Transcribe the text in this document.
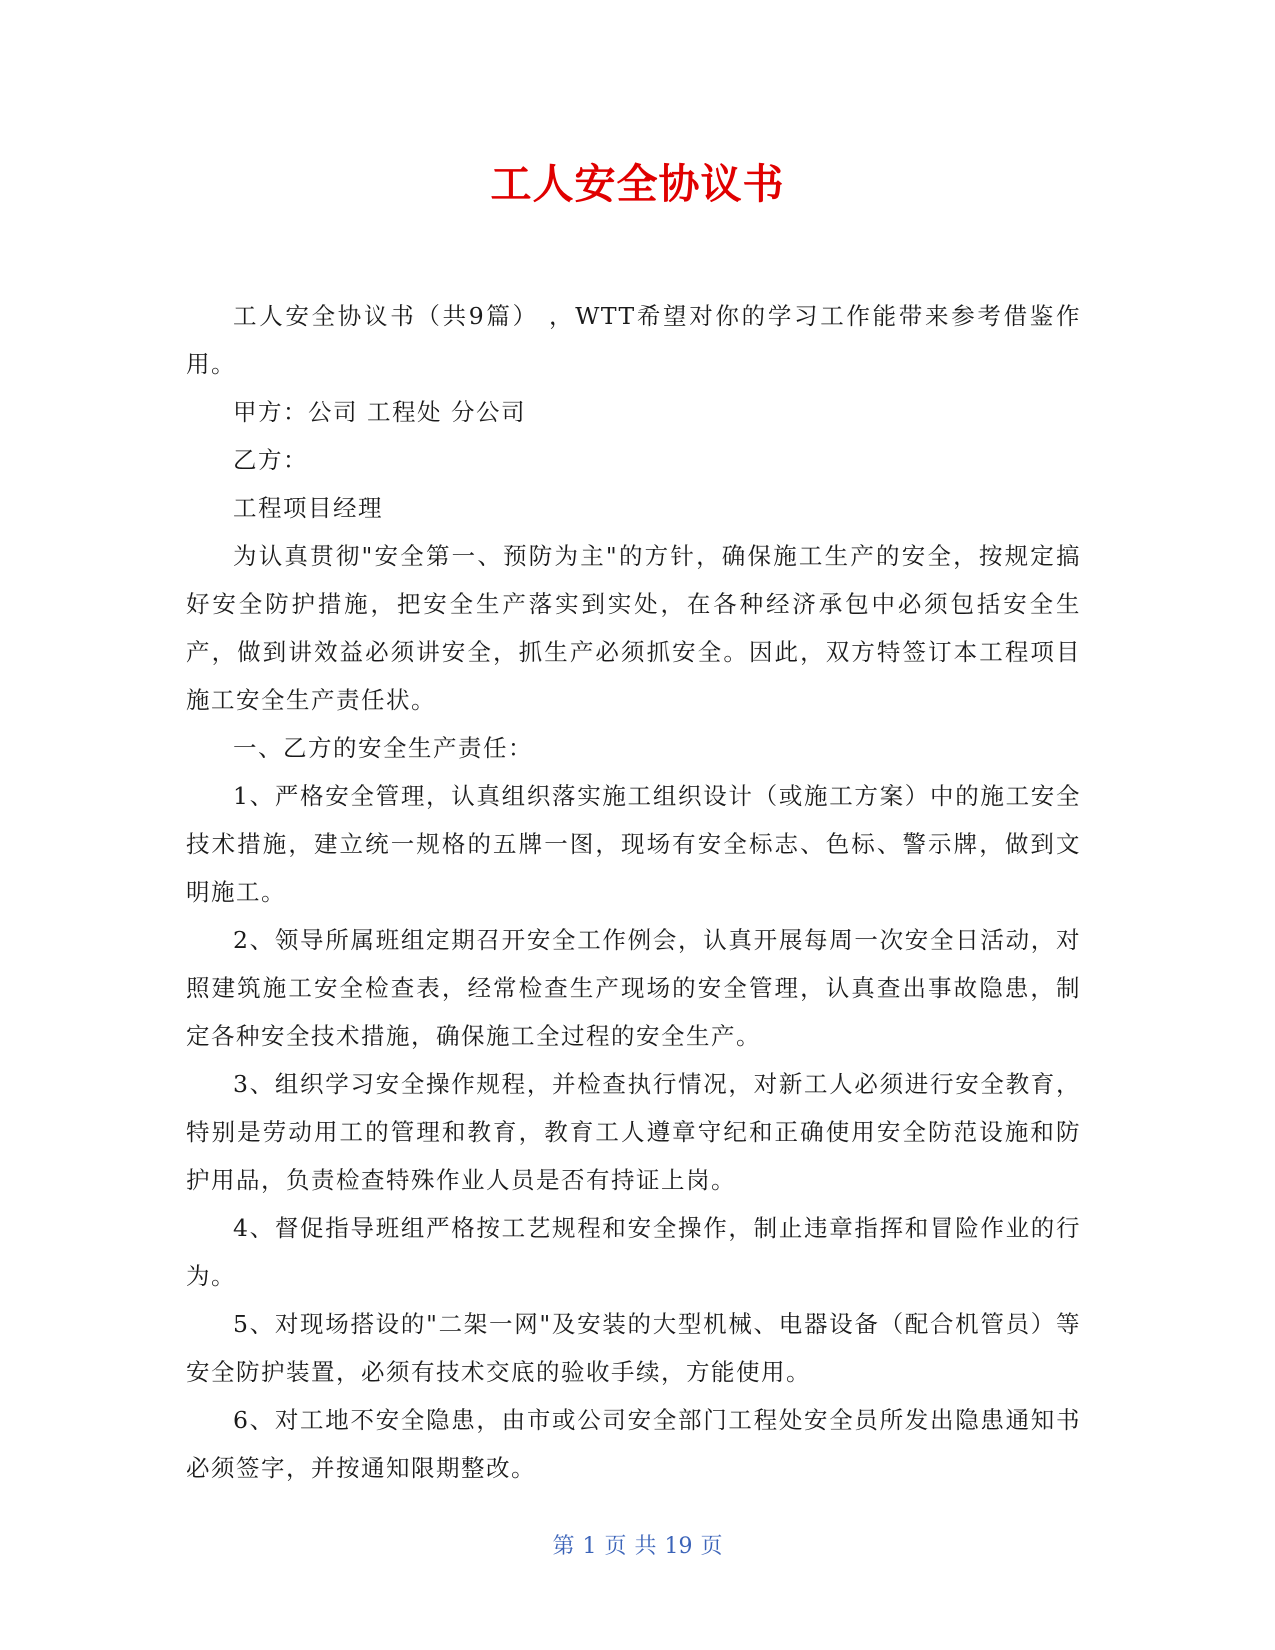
工人安全协议书

工人安全协议书（共9篇） ，WTT希望对你的学习工作能带来参考借鉴作用。

甲方：公司 工程处 分公司

乙方：

工程项目经理

为认真贯彻"安全第一、预防为主"的方针，确保施工生产的安全，按规定搞好安全防护措施，把安全生产落实到实处，在各种经济承包中必须包括安全生产，做到讲效益必须讲安全，抓生产必须抓安全。因此，双方特签订本工程项目施工安全生产责任状。

一、乙方的安全生产责任：

1、严格安全管理，认真组织落实施工组织设计（或施工方案）中的施工安全技术措施，建立统一规格的五牌一图，现场有安全标志、色标、警示牌，做到文明施工。

2、领导所属班组定期召开安全工作例会，认真开展每周一次安全日活动，对照建筑施工安全检查表，经常检查生产现场的安全管理，认真查出事故隐患，制定各种安全技术措施，确保施工全过程的安全生产。

3、组织学习安全操作规程，并检查执行情况，对新工人必须进行安全教育，特别是劳动用工的管理和教育，教育工人遵章守纪和正确使用安全防范设施和防护用品，负责检查特殊作业人员是否有持证上岗。

4、督促指导班组严格按工艺规程和安全操作，制止违章指挥和冒险作业的行为。

5、对现场搭设的"二架一网"及安装的大型机械、电器设备（配合机管员）等安全防护装置，必须有技术交底的验收手续，方能使用。

6、对工地不安全隐患，由市或公司安全部门工程处安全员所发出隐患通知书必须签字，并按通知限期整改。

第 1 页 共 19 页
